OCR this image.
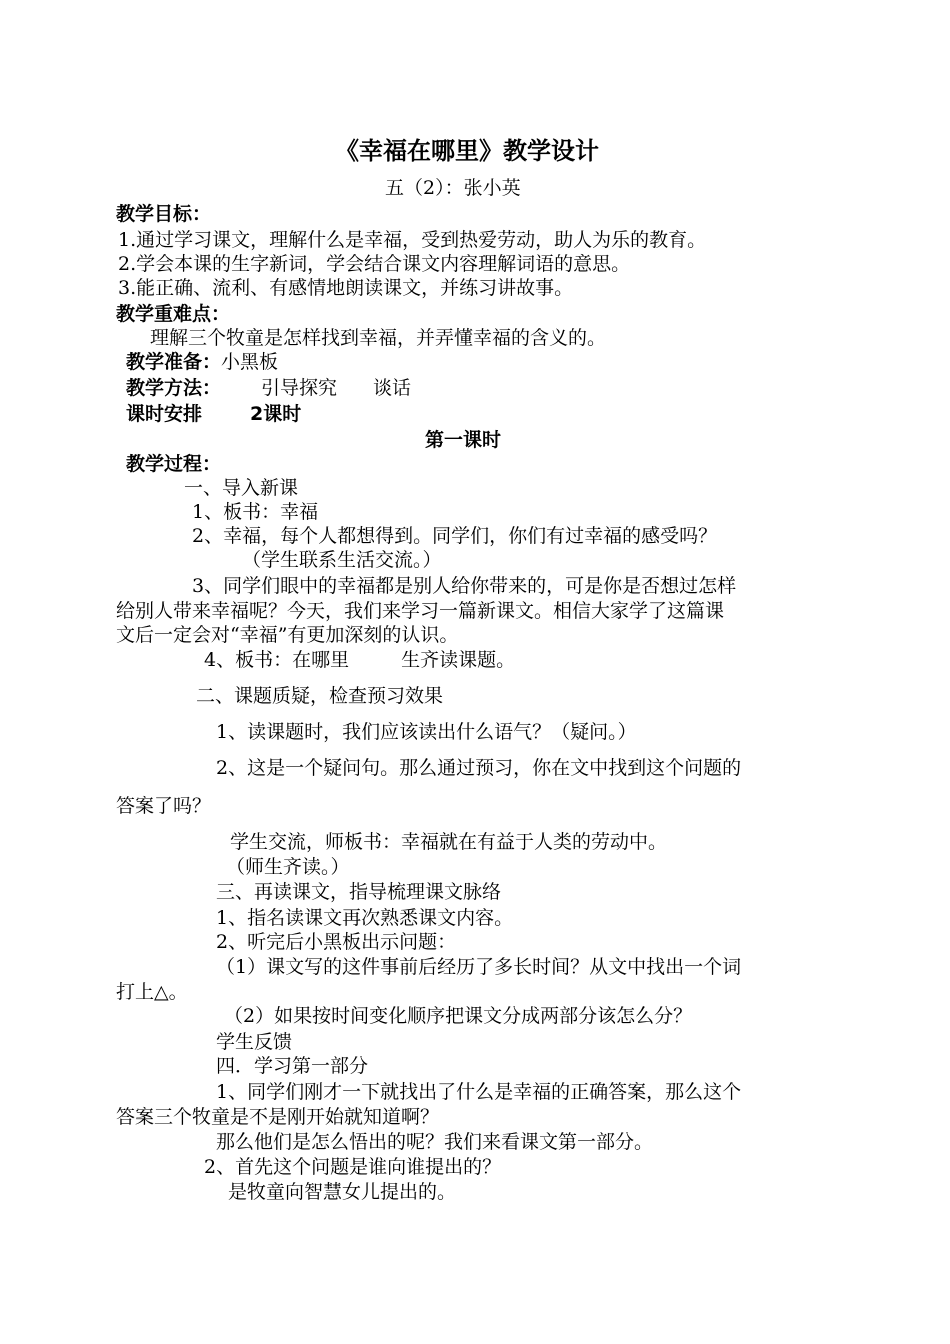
《幸福在哪里》教学设计
五（2）：张小英
教学目标：
1.通过学习课文，理解什么是幸福，受到热爱劳动，助人为乐的教育。
2.学会本课的生字新词，学会结合课文内容理解词语的意思。
3.能正确、流利、有感情地朗读课文，并练习讲故事。
教学重难点：
理解三个牧童是怎样找到幸福，并弄懂幸福的含义的。
教学准备：小黑板
教学方法： 引导探究 谈话
课时安排	2课时
第一课时
教学过程：
一、导入新课
1、板书：幸福
2、幸福，每个人都想得到。同学们，你们有过幸福的感受吗？
（学生联系生活交流。）
3、同学们眼中的幸福都是别人给你带来的，可是你是否想过怎样
给别人带来幸福呢？今天，我们来学习一篇新课文。相信大家学了这篇课
文后一定会对“幸福”有更加深刻的认识。
4、板书：在哪里	生齐读课题。
二、课题质疑，检查预习效果
1、读课题时，我们应该读出什么语气？（疑问。）
2、这是一个疑问句。那么通过预习，你在文中找到这个问题的
答案了吗？
学生交流，师板书：幸福就在有益于人类的劳动中。
（师生齐读。）
三、再读课文，指导梳理课文脉络
1、指名读课文再次熟悉课文内容。
2、听完后小黑板出示问题：
（1）课文写的这件事前后经历了多长时间？从文中找出一个词
打上△。
（2）如果按时间变化顺序把课文分成两部分该怎么分？
学生反馈
四．学习第一部分
1、同学们刚才一下就找出了什么是幸福的正确答案，那么这个
答案三个牧童是不是刚开始就知道啊？
那么他们是怎么悟出的呢？我们来看课文第一部分。
2、首先这个问题是谁向谁提出的？
是牧童向智慧女儿提出的。
